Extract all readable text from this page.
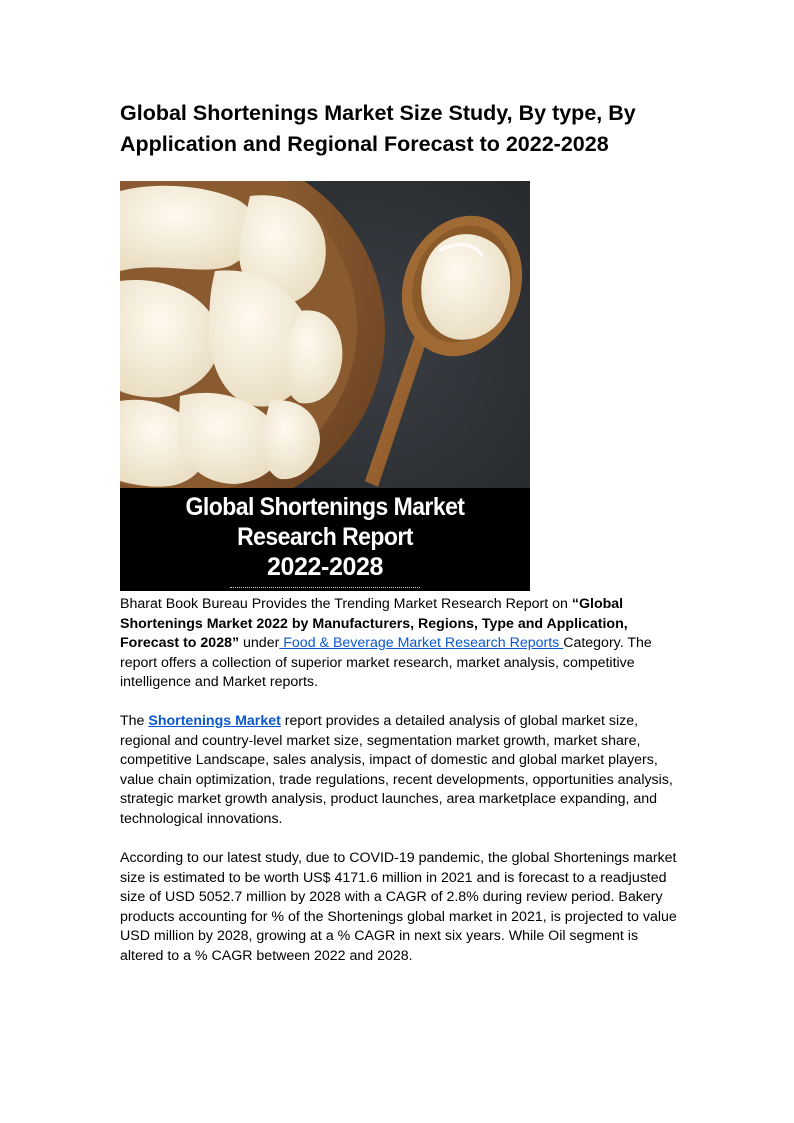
Global Shortenings Market Size Study, By type, By Application and Regional Forecast to 2022-2028
Global Shortenings Market Research Report
2022-2028

Bharat Book Bureau Provides the Trending Market Research Report on “Global Shortenings Market 2022 by Manufacturers, Regions, Type and Application, Forecast to 2028” under Food & Beverage Market Research Reports Category. The report offers a collection of superior market research, market analysis, competitive intelligence and Market reports.

The Shortenings Market report provides a detailed analysis of global market size, regional and country-level market size, segmentation market growth, market share, competitive Landscape, sales analysis, impact of domestic and global market players, value chain optimization, trade regulations, recent developments, opportunities analysis, strategic market growth analysis, product launches, area marketplace expanding, and technological innovations.

According to our latest study, due to COVID-19 pandemic, the global Shortenings market size is estimated to be worth US$ 4171.6 million in 2021 and is forecast to a readjusted size of USD 5052.7 million by 2028 with a CAGR of 2.8% during review period. Bakery products accounting for % of the Shortenings global market in 2021, is projected to value USD million by 2028, growing at a % CAGR in next six years. While Oil segment is altered to a % CAGR between 2022 and 2028.
